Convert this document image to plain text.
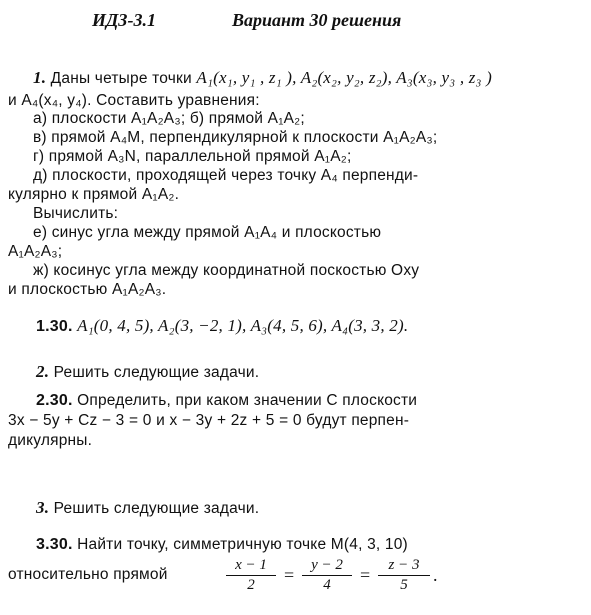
ИДЗ-3.1	Вариант 30 решения
1. Даны четыре точки A₁(x₁, y₁ , z₁ ), A₂(x₂, y₂, z₂), A₃(x₃, y₃ , z₃ )
и A₄(x₄, y₄). Составить уравнения:
а) плоскости A₁A₂A₃; б) прямой A₁A₂;
в) прямой A₄M, перпендикулярной к плоскости A₁A₂A₃;
г) прямой A₃N, параллельной прямой A₁A₂;
д) плоскости, проходящей через точку A₄ перпенди-
кулярно к прямой A₁A₂.
Вычислить:
е) синус угла между прямой A₁A₄ и плоскостью
A₁A₂A₃;
ж) косинус угла между координатной поскостью Oxy
и плоскостью A₁A₂A₃.
1.30. A₁(0, 4, 5), A₂(3, −2, 1), A₃(4, 5, 6), A₄(3, 3, 2).
2. Решить следующие задачи.
2.30. Определить, при каком значении C плоскости
3x − 5y + Cz − 3 = 0 и x − 3y + 2z + 5 = 0 будут перпен-
дикулярны.
3. Решить следующие задачи.
3.30. Найти точку, симметричную точке M(4, 3, 10)
относительно прямой	$\frac{x - 1}{2} = \frac{y - 2}{4} = \frac{z - 3}{5}$ .
